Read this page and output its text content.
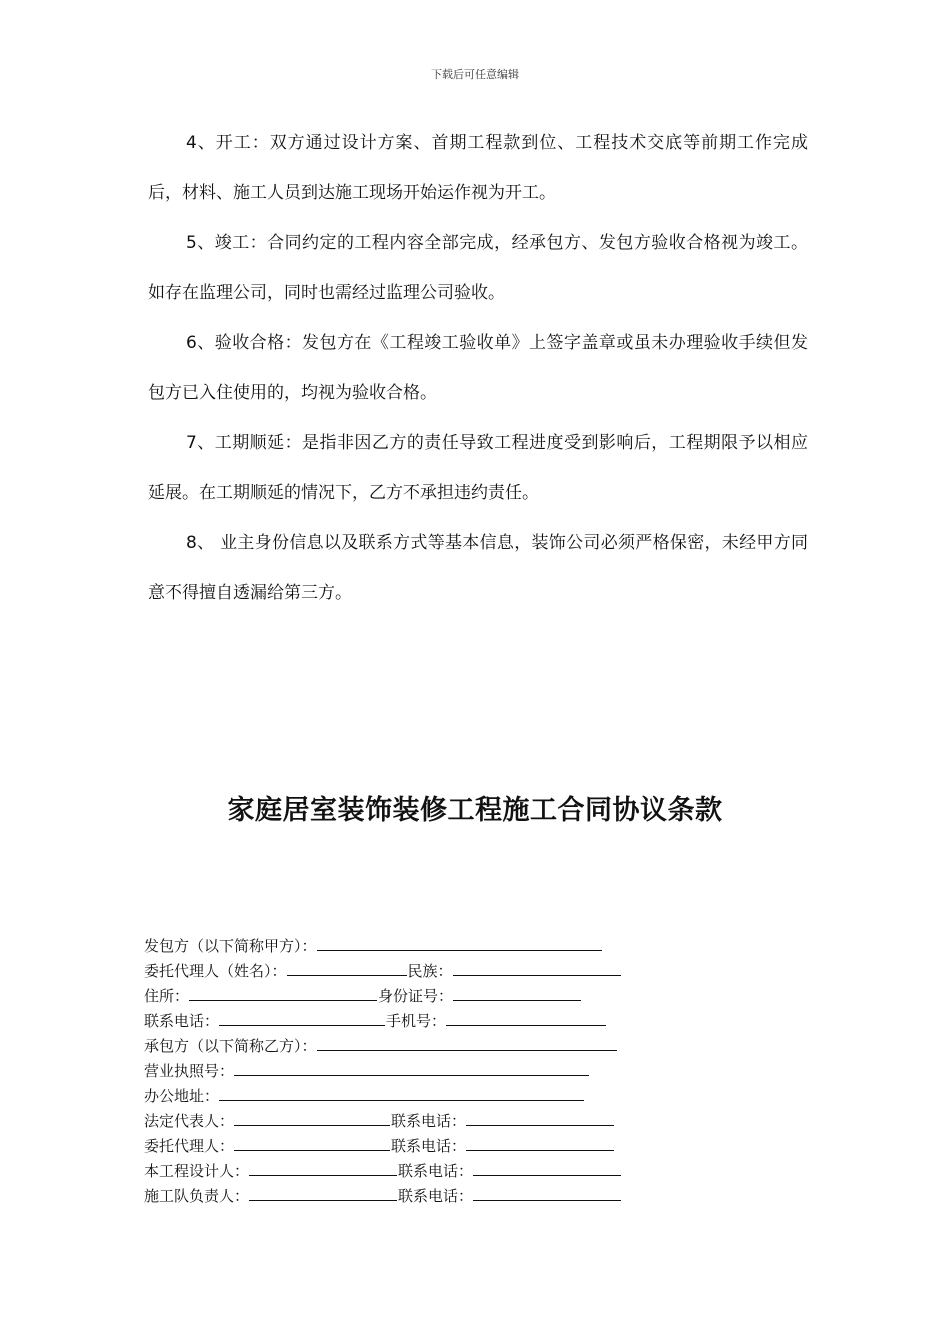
下载后可任意编辑

4、开工：双方通过设计方案、首期工程款到位、工程技术交底等前期工作完成后，材料、施工人员到达施工现场开始运作视为开工。

5、竣工：合同约定的工程内容全部完成，经承包方、发包方验收合格视为竣工。如存在监理公司，同时也需经过监理公司验收。

6、验收合格：发包方在《工程竣工验收单》上签字盖章或虽未办理验收手续但发包方已入住使用的，均视为验收合格。

7、工期顺延：是指非因乙方的责任导致工程进度受到影响后，工程期限予以相应延展。在工期顺延的情况下，乙方不承担违约责任。

8、 业主身份信息以及联系方式等基本信息，装饰公司必须严格保密，未经甲方同意不得擅自透漏给第三方。

家庭居室装饰装修工程施工合同协议条款
发包方（以下简称甲方）：
委托代理人（姓名）：	民族：
住所：	身份证号：
联系电话：	手机号：
承包方（以下简称乙方）：
营业执照号：
办公地址：
法定代表人：	联系电话：
委托代理人：	联系电话：
本工程设计人：	联系电话：
施工队负责人：	联系电话：
